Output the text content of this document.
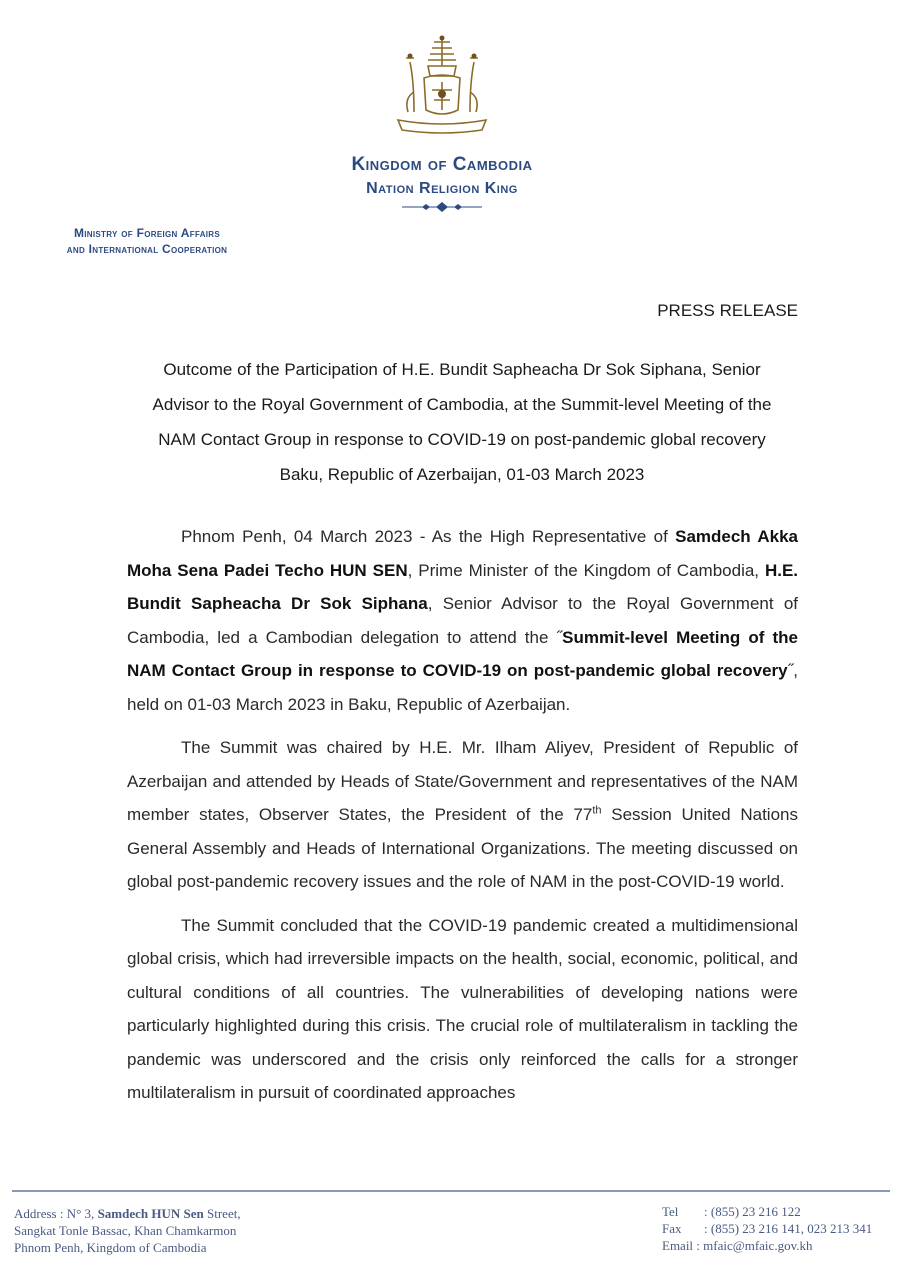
Kingdom of Cambodia
Nation Religion King
Ministry of Foreign Affairs
and International Cooperation
PRESS RELEASE
Outcome of the Participation of H.E. Bundit Sapheacha Dr Sok Siphana, Senior
Advisor to the Royal Government of Cambodia, at the Summit-level Meeting of the
NAM Contact Group in response to COVID-19 on post-pandemic global recovery
Baku, Republic of Azerbaijan, 01-03 March 2023

Phnom Penh, 04 March 2023 - As the High Representative of Samdech Akka Moha Sena Padei Techo HUN SEN, Prime Minister of the Kingdom of Cambodia, H.E. Bundit Sapheacha Dr Sok Siphana, Senior Advisor to the Royal Government of Cambodia, led a Cambodian delegation to attend the ˝Summit-level Meeting of the NAM Contact Group in response to COVID-19 on post-pandemic global recovery˝, held on 01-03 March 2023 in Baku, Republic of Azerbaijan.

The Summit was chaired by H.E. Mr. Ilham Aliyev, President of Republic of Azerbaijan and attended by Heads of State/Government and representatives of the NAM member states, Observer States, the President of the 77th Session United Nations General Assembly and Heads of International Organizations. The meeting discussed on global post-pandemic recovery issues and the role of NAM in the post-COVID-19 world.

The Summit concluded that the COVID-19 pandemic created a multidimensional global crisis, which had irreversible impacts on the health, social, economic, political, and cultural conditions of all countries. The vulnerabilities of developing nations were particularly highlighted during this crisis. The crucial role of multilateralism in tackling the pandemic was underscored and the crisis only reinforced the calls for a stronger multilateralism in pursuit of coordinated approaches

Address : N° 3, Samdech HUN Sen Street,
Sangkat Tonle Bassac, Khan Chamkarmon
Phnom Penh, Kingdom of Cambodia
Tel : (855) 23 216 122
Fax : (855) 23 216 141, 023 213 341
Email : mfaic@mfaic.gov.kh
